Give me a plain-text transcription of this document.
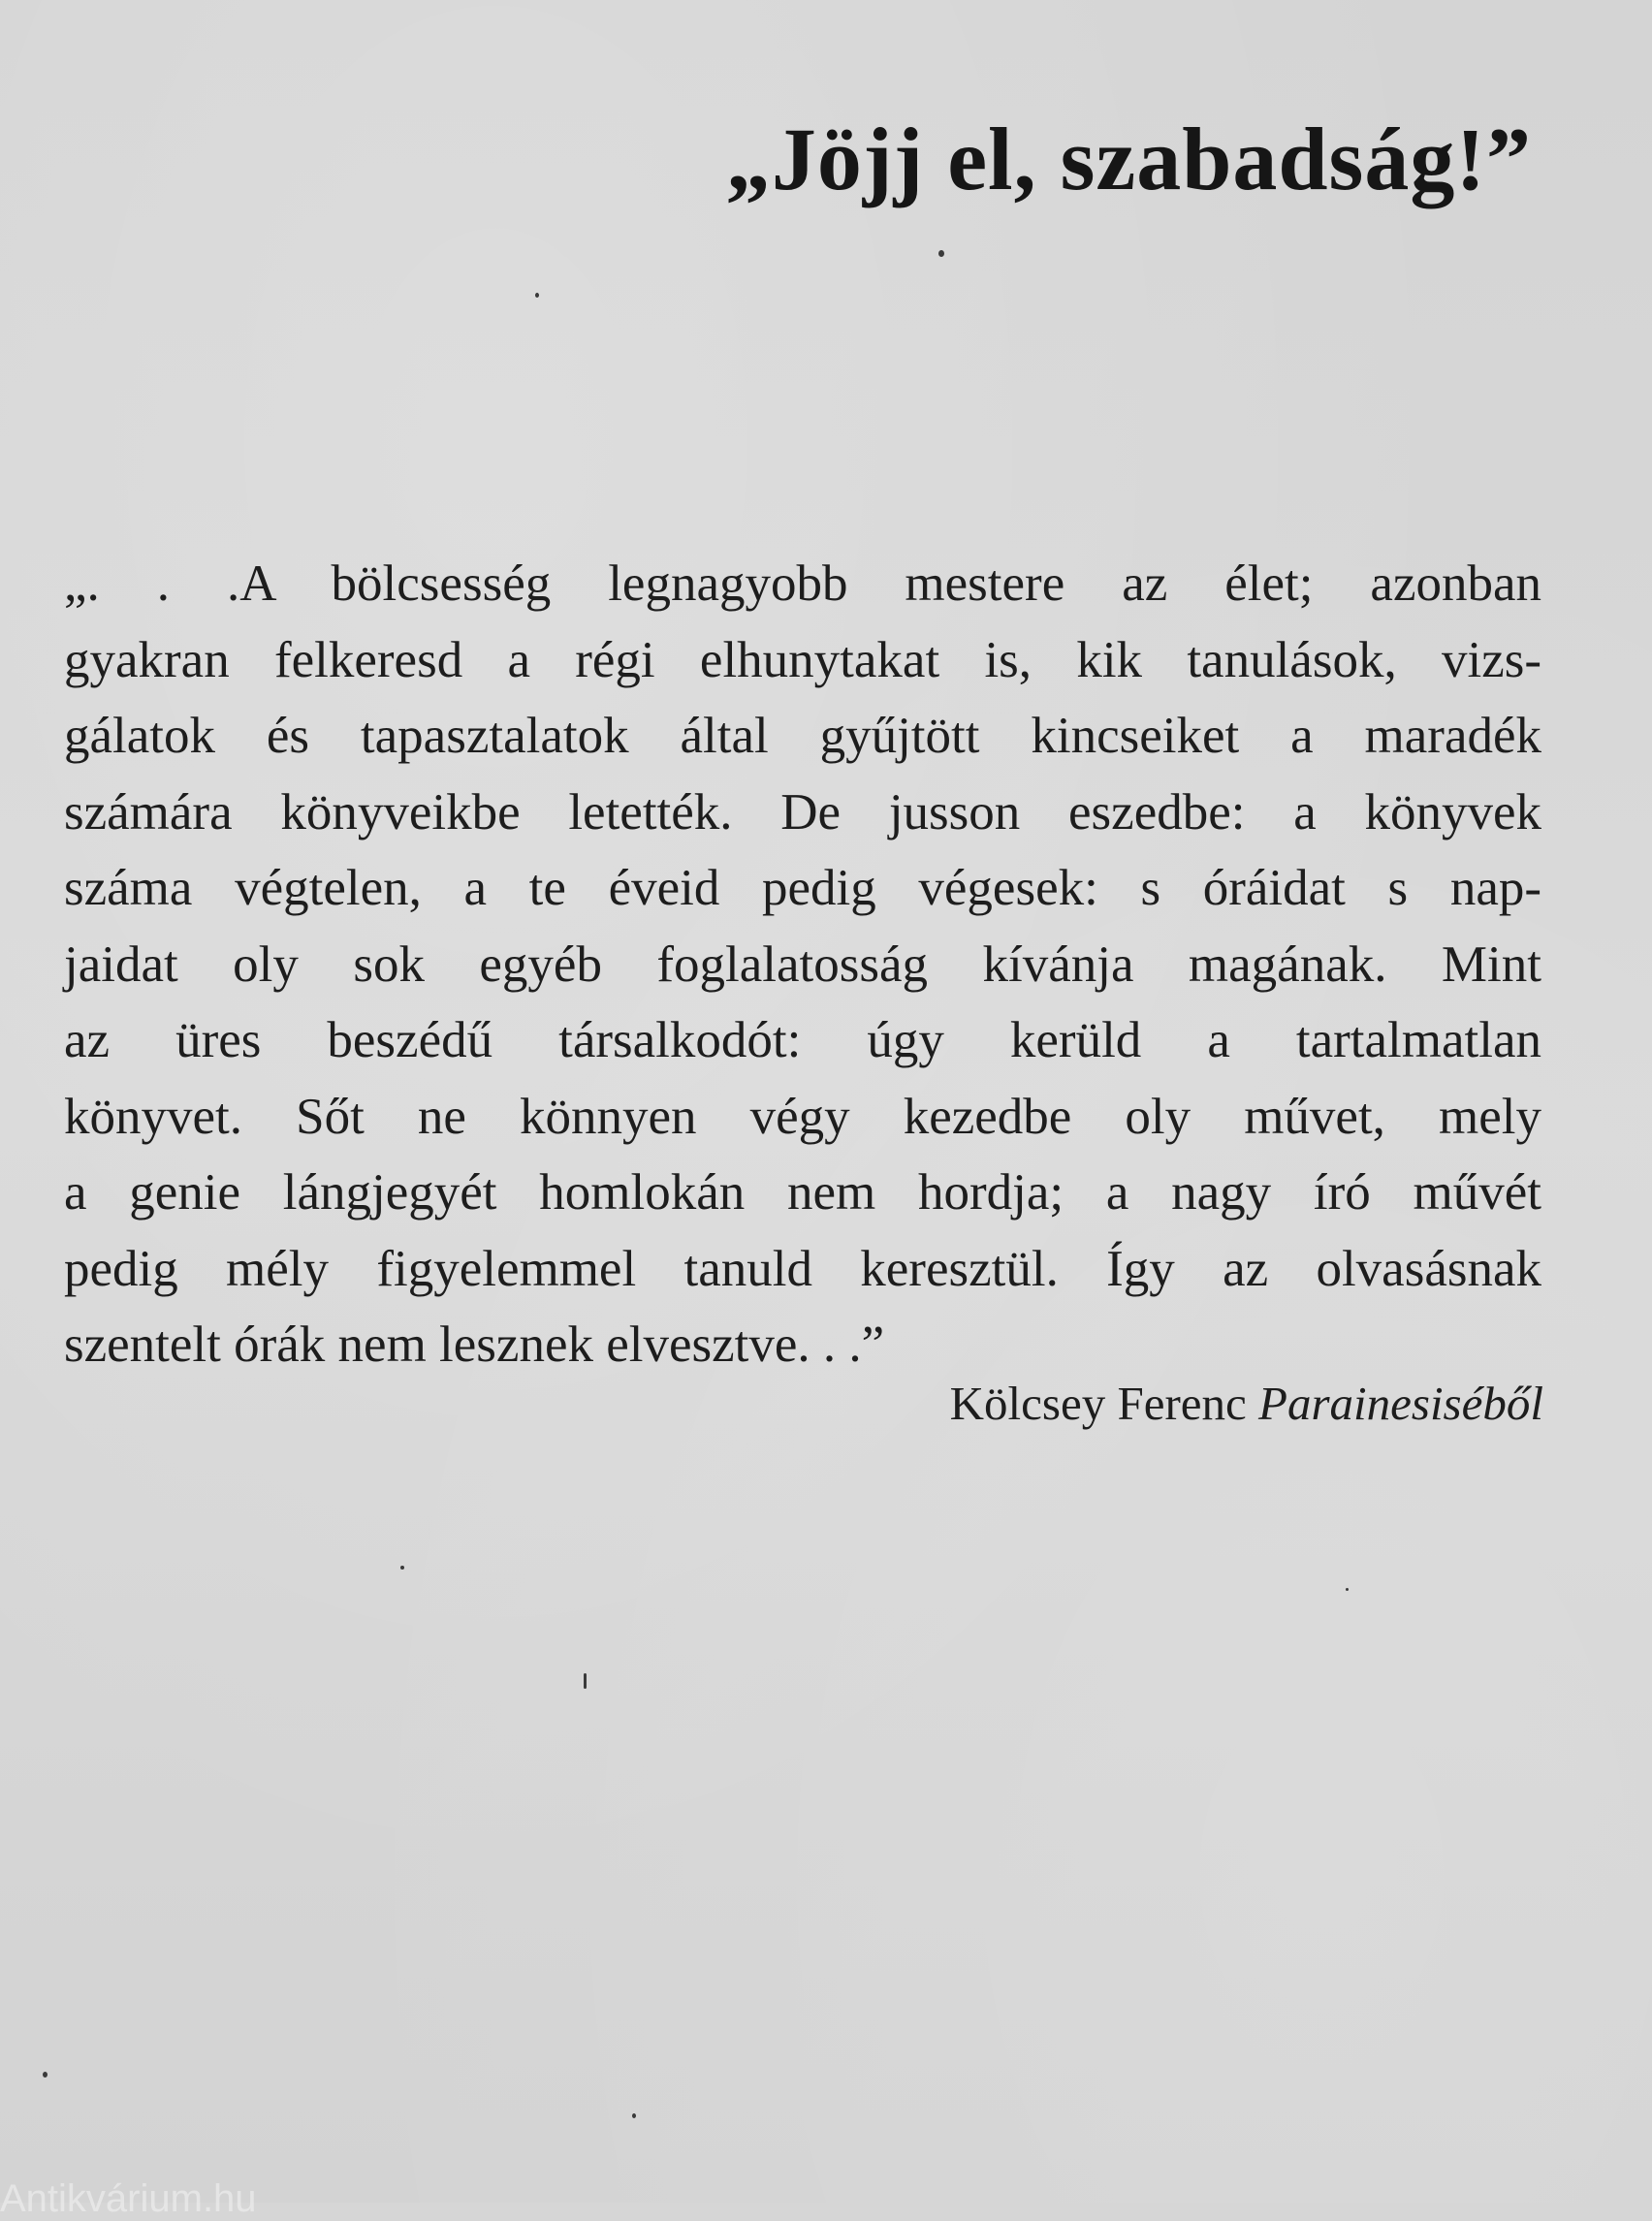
„Jöjj el, szabadság!”
„. . .A bölcsesség legnagyobb mestere az élet; azonban
gyakran felkeresd a régi elhunytakat is, kik tanulások, vizs-
gálatok és tapasztalatok által gyűjtött kincseiket a maradék
számára könyveikbe letették. De jusson eszedbe: a könyvek
száma végtelen, a te éveid pedig végesek: s óráidat s nap-
jaidat oly sok egyéb foglalatosság kívánja magának. Mint
az üres beszédű társalkodót: úgy kerüld a tartalmatlan
könyvet. Sőt ne könnyen végy kezedbe oly művet, mely
a genie lángjegyét homlokán nem hordja; a nagy író művét
pedig mély figyelemmel tanuld keresztül. Így az olvasásnak
szentelt órák nem lesznek elvesztve. . .”

Kölcsey Ferenc Parainesiséből

Antikvárium.hu
